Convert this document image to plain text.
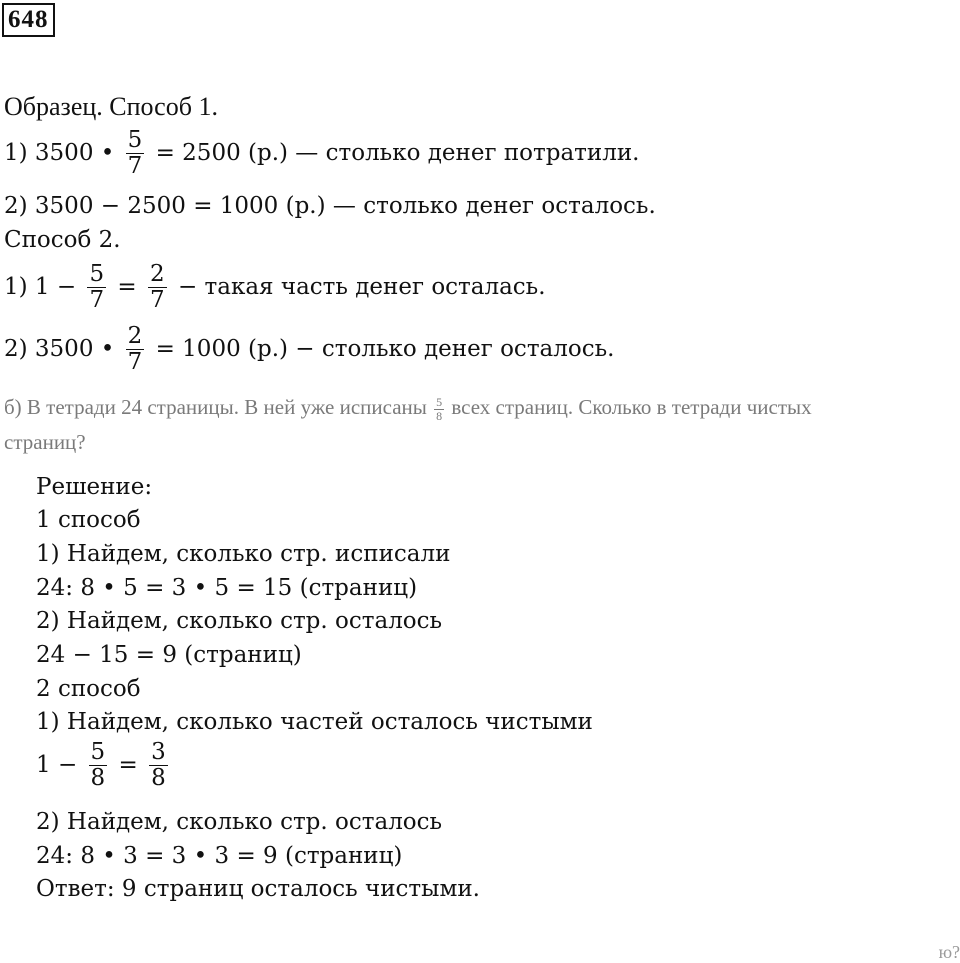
648
Образец. Способ 1.
1) 3500 • $\frac{5}{7} = 2500$ (р.) — столько денег потратили.
2) 3500 − 2500 = 1000 (р.) — столько денег осталось.
Способ 2.
1) $1 - \frac{5}{7} = \frac{2}{7}$ − такая часть денег осталась.
2) 3500 • $\frac{2}{7} = 1000$ (р.) − столько денег осталось.
б) В тетради 24 страницы. В ней уже исписаны $\frac{5}{8}$ всех страниц. Сколько в тетради чистых
страниц?
Решение:
1 способ
1) Найдем, сколько стр. исписали
24: 8 • 5 = 3 • 5 = 15 (страниц)
2) Найдем, сколько стр. осталось
24 − 15 = 9 (страниц)
2 способ
1) Найдем, сколько частей осталось чистыми
$1 - \frac{5}{8} = \frac{3}{8}$
2) Найдем, сколько стр. осталось
24: 8 • 3 = 3 • 3 = 9 (страниц)
Ответ: 9 страниц осталось чистыми.
ю?
